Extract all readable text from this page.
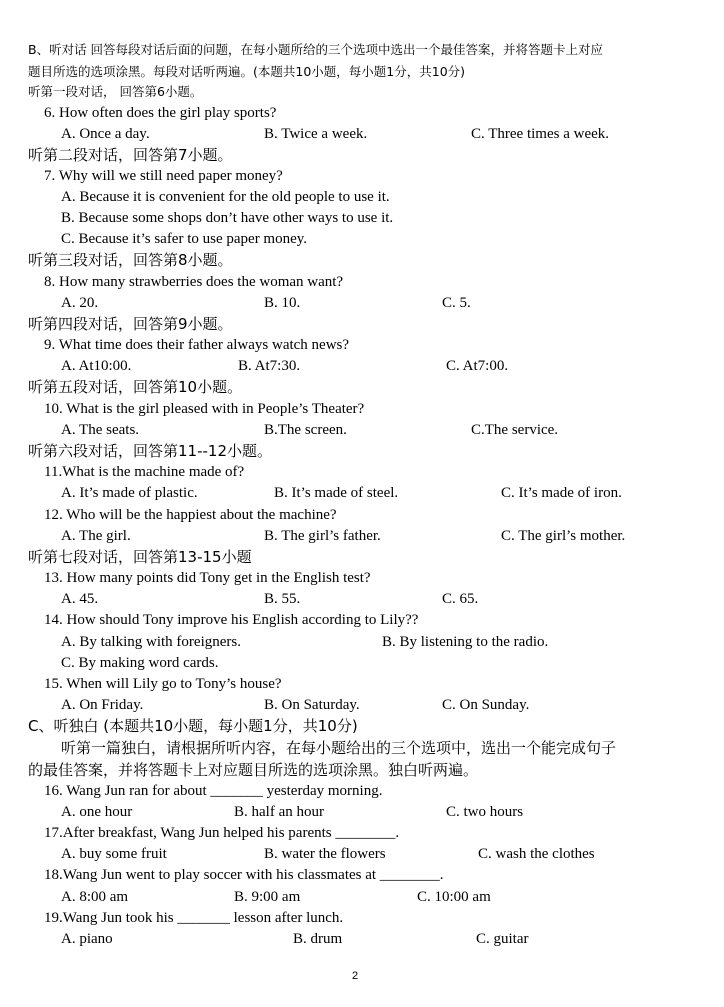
B、听对话 回答每段对话后面的问题，在每小题所给的三个选项中选出一个最佳答案，并将答题卡上对应
题目所选的选项涂黑。每段对话听两遍。(本题共10小题，每小题1分，共10分)
听第一段对话， 回答第6小题。
6. How often does the girl play sports?
A. Once a day.	B. Twice a week.	C. Three times a week.
听第二段对话，回答第7小题。
7. Why will we still need paper money?
A. Because it is convenient for the old people to use it.
B. Because some shops don’t have other ways to use it.
C. Because it’s safer to use paper money.
听第三段对话，回答第8小题。
8. How many strawberries does the woman want?
A. 20.	B. 10.	C. 5.
听第四段对话，回答第9小题。
9. What time does their father always watch news?
A. At10:00.	B. At7:30.	C. At7:00.
听第五段对话，回答第10小题。
10. What is the girl pleased with in People’s Theater?
A. The seats.	B.The screen.	C.The service.
听第六段对话，回答第11--12小题。
11.What is the machine made of?
A. It’s made of plastic.	B. It’s made of steel.	C. It’s made of iron.
12. Who will be the happiest about the machine?
A. The girl.	B. The girl’s father.	C. The girl’s mother.
听第七段对话，回答第13-15小题
13. How many points did Tony get in the English test?
A. 45.	B. 55.	C. 65.
14. How should Tony improve his English according to Lily??
A. By talking with foreigners.	B. By listening to the radio.
C. By making word cards.
15. When will Lily go to Tony’s house?
A. On Friday.	B. On Saturday.	C. On Sunday.
C、听独白 (本题共10小题，每小题1分，共10分)
听第一篇独白，请根据所听内容，在每小题给出的三个选项中，选出一个能完成句子
的最佳答案，并将答题卡上对应题目所选的选项涂黑。独白听两遍。
16. Wang Jun ran for about _______ yesterday morning.
A. one hour	B. half an hour	C. two hours
17.After breakfast, Wang Jun helped his parents ________.
A. buy some fruit	B. water the flowers	C. wash the clothes
18.Wang Jun went to play soccer with his classmates at ________.
A. 8:00 am	B. 9:00 am	C. 10:00 am
19.Wang Jun took his _______ lesson after lunch.
A. piano	B. drum	C. guitar
2
